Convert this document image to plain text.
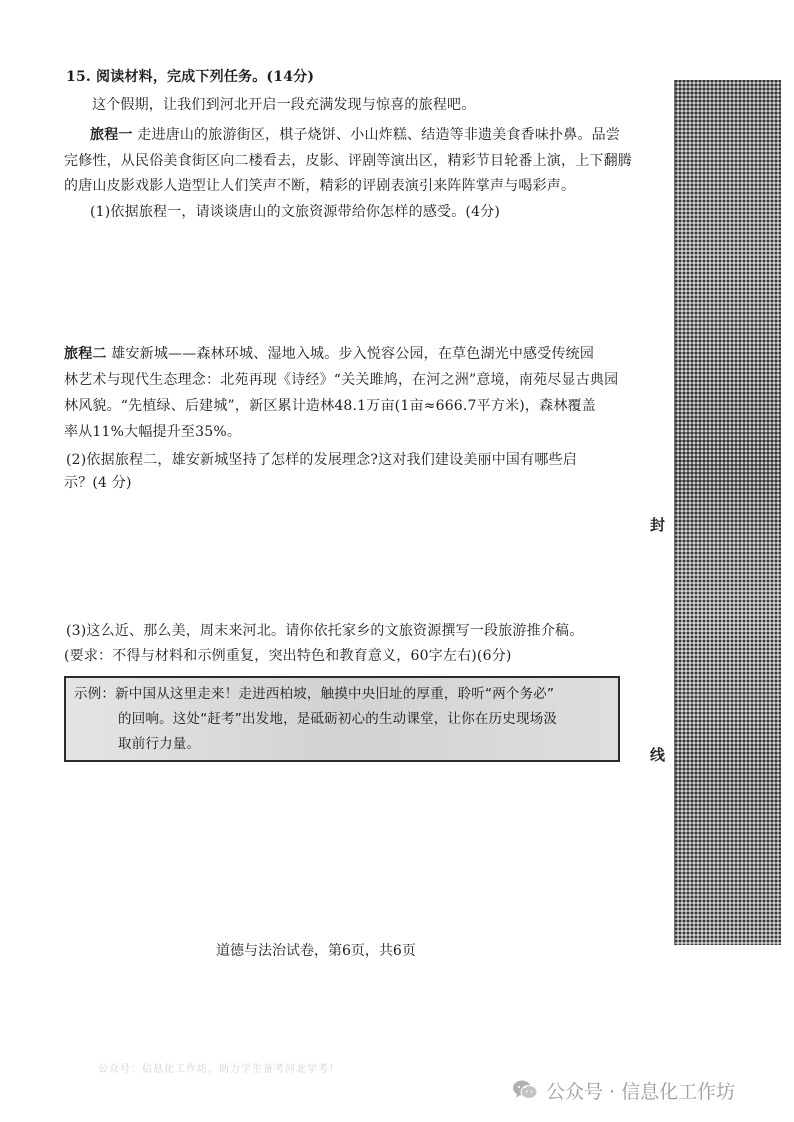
15. 阅读材料，完成下列任务。(14分)
这个假期，让我们到河北开启一段充满发现与惊喜的旅程吧。
旅程一 走进唐山的旅游街区，棋子烧饼、小山炸糕、结造等非遗美食香味扑鼻。品尝
完修性，从民俗美食街区向二楼看去，皮影、评剧等演出区，精彩节目轮番上演，上下翻腾
的唐山皮影戏影人造型让人们笑声不断，精彩的评剧表演引来阵阵掌声与喝彩声。
(1)依据旅程一，请谈谈唐山的文旅资源带给你怎样的感受。(4分)
旅程二 雄安新城——森林环城、湿地入城。步入悦容公园，在草色湖光中感受传统园
林艺术与现代生态理念：北苑再现《诗经》“关关雎鸠，在河之洲”意境，南苑尽显古典园
林风貌。“先植绿、后建城”，新区累计造林48.1万亩(1亩≈666.7平方米)，森林覆盖
率从11%大幅提升至35%。
(2)依据旅程二，雄安新城坚持了怎样的发展理念?这对我们建设美丽中国有哪些启
示？(4 分)
(3)这么近、那么美，周末来河北。请你依托家乡的文旅资源撰写一段旅游推介稿。
(要求：不得与材料和示例重复，突出特色和教育意义，60字左右)(6分)
示例：新中国从这里走来！走进西柏坡，触摸中央旧址的厚重，聆听“两个务必”
的回响。这处“赶考”出发地，是砥砺初心的生动课堂，让你在历史现场汲
取前行力量。
封
线
道德与法治试卷，第6页，共6页
公众号：信息化工作坊，助力学生备考河北学考！
公众号 · 信息化工作坊
